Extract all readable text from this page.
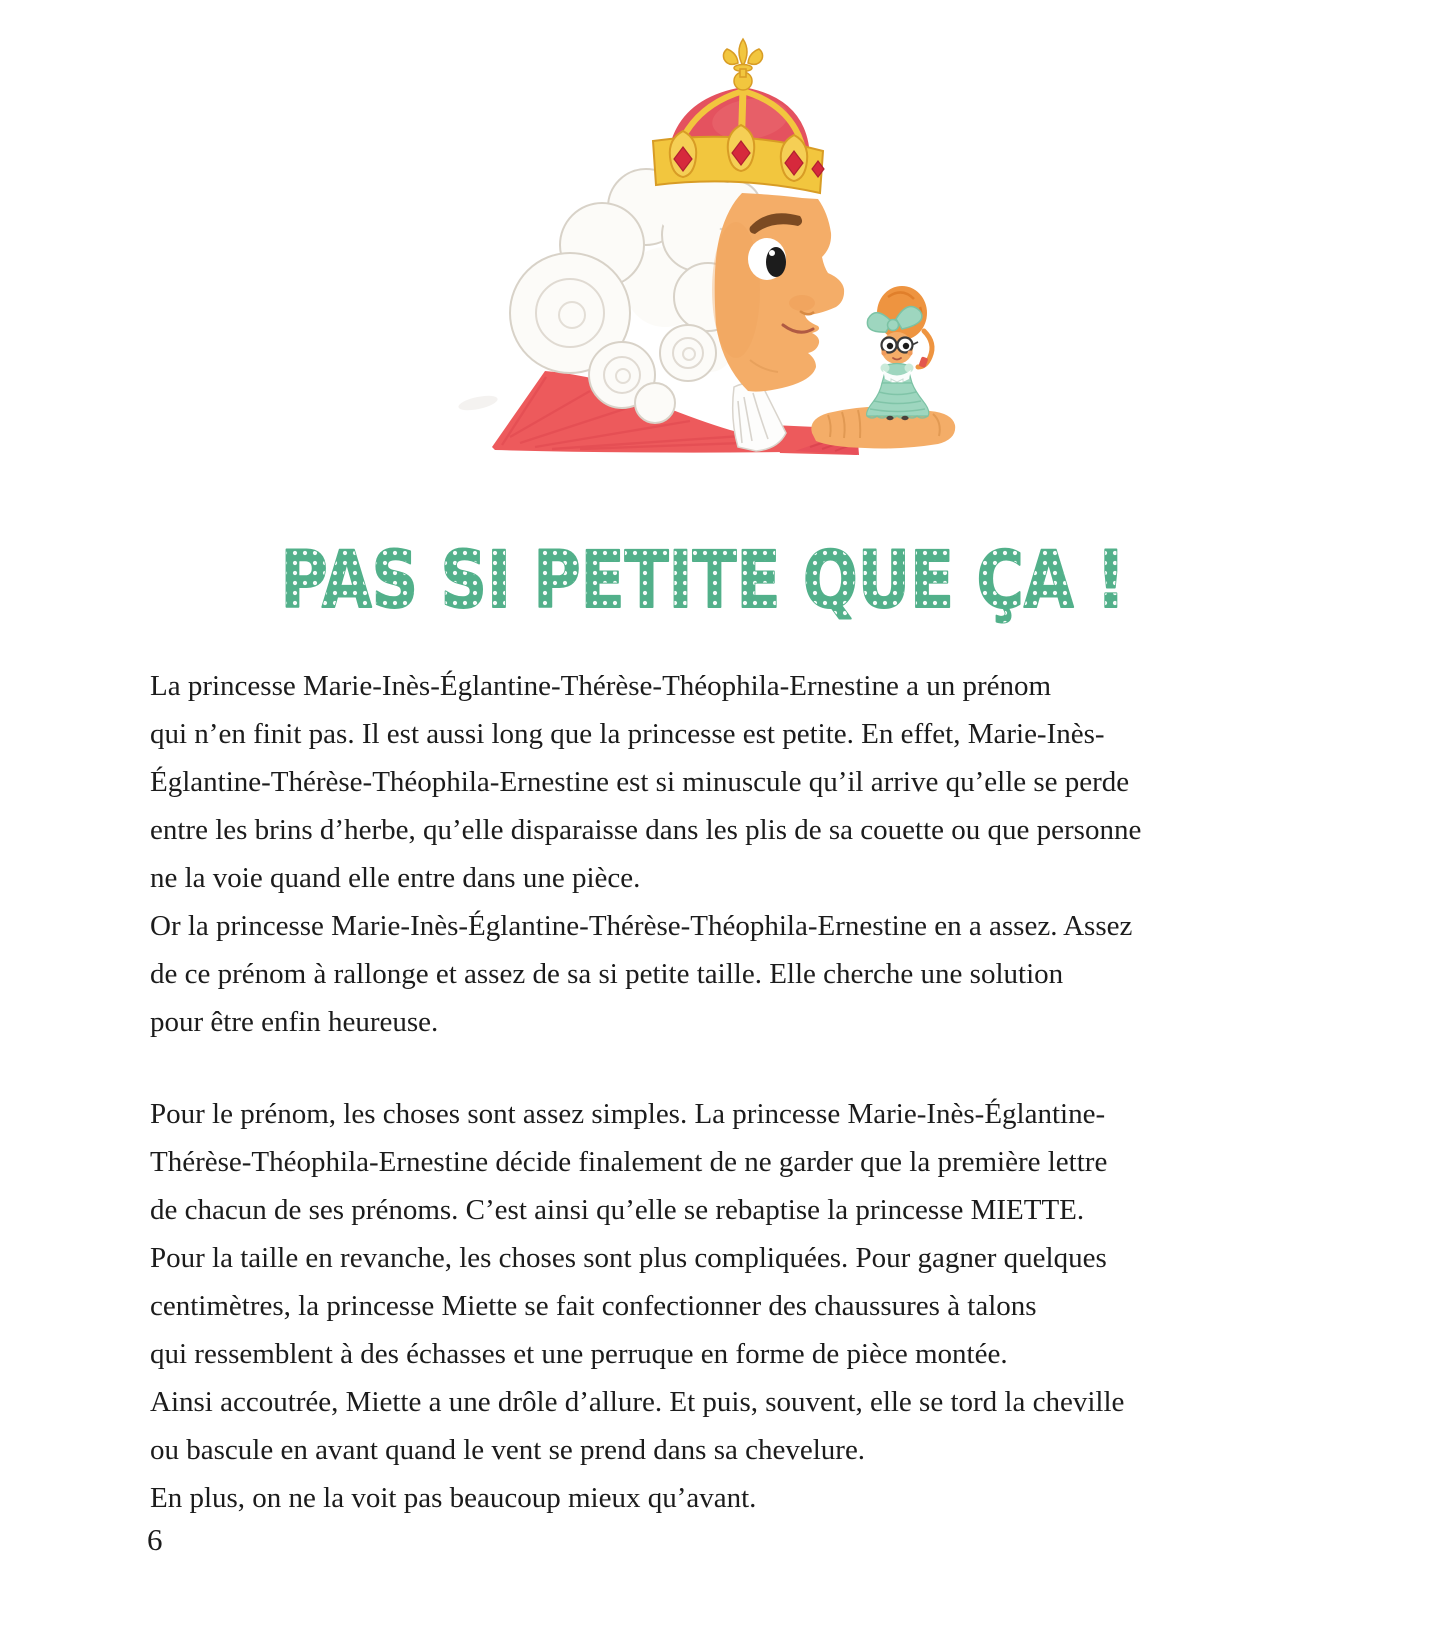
PAS SI PETITE QUE ÇA !

La princesse Marie-Inès-Églantine-Thérèse-Théophila-Ernestine a un prénom
qui n’en finit pas. Il est aussi long que la princesse est petite. En effet, Marie-Inès-
Églantine-Thérèse-Théophila-Ernestine est si minuscule qu’il arrive qu’elle se perde
entre les brins d’herbe, qu’elle disparaisse dans les plis de sa couette ou que personne
ne la voie quand elle entre dans une pièce.
Or la princesse Marie-Inès-Églantine-Thérèse-Théophila-Ernestine en a assez. Assez
de ce prénom à rallonge et assez de sa si petite taille. Elle cherche une solution
pour être enfin heureuse.

Pour le prénom, les choses sont assez simples. La princesse Marie-Inès-Églantine-
Thérèse-Théophila-Ernestine décide finalement de ne garder que la première lettre
de chacun de ses prénoms. C’est ainsi qu’elle se rebaptise la princesse MIETTE.
Pour la taille en revanche, les choses sont plus compliquées. Pour gagner quelques
centimètres, la princesse Miette se fait confectionner des chaussures à talons
qui ressemblent à des échasses et une perruque en forme de pièce montée.
Ainsi accoutrée, Miette a une drôle d’allure. Et puis, souvent, elle se tord la cheville
ou bascule en avant quand le vent se prend dans sa chevelure.
En plus, on ne la voit pas beaucoup mieux qu’avant.

6
